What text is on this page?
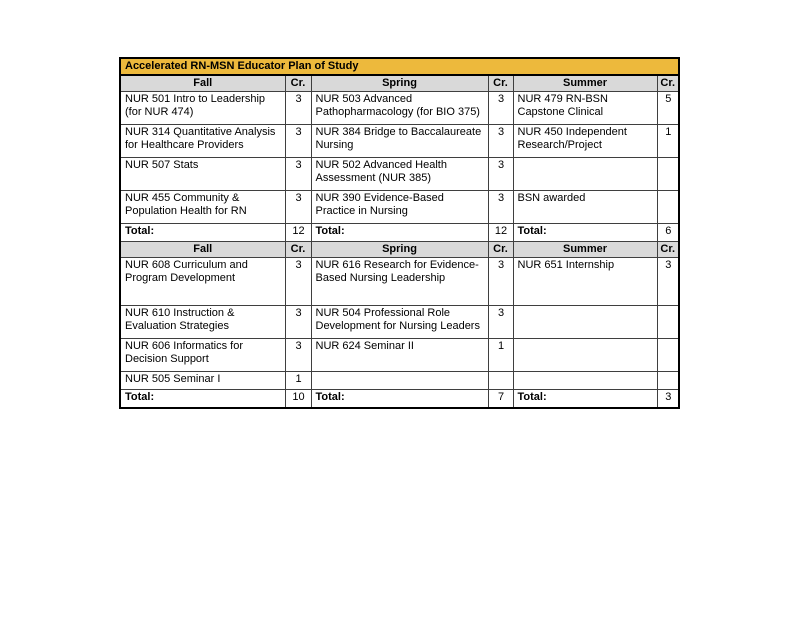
Accelerated RN-MSN Educator Plan of Study					
Fall	Cr.	Spring	Cr.	Summer	Cr.
NUR 501 Intro to Leadership (for NUR 474)	3	NUR 503 Advanced Pathopharmacology (for BIO 375)	3	NUR 479 RN-BSN Capstone Clinical	5
NUR 314 Quantitative Analysis for Healthcare Providers	3	NUR 384 Bridge to Baccalaureate Nursing	3	NUR 450 Independent Research/Project	1
NUR 507 Stats	3	NUR 502 Advanced Health Assessment (NUR 385)	3		
NUR 455 Community & Population Health for RN	3	NUR 390 Evidence-Based Practice in Nursing	3	BSN awarded	
Total:	12	Total:	12	Total:	6
Fall	Cr.	Spring	Cr.	Summer	Cr.
NUR 608 Curriculum and Program Development	3	NUR 616 Research for Evidence-Based Nursing Leadership	3	NUR 651 Internship	3
NUR 610 Instruction & Evaluation Strategies	3	NUR 504 Professional Role Development for Nursing Leaders	3		
NUR 606 Informatics for Decision Support	3	NUR 624 Seminar II	1		
NUR 505 Seminar I	1				
Total:	10	Total:	7	Total:	3
